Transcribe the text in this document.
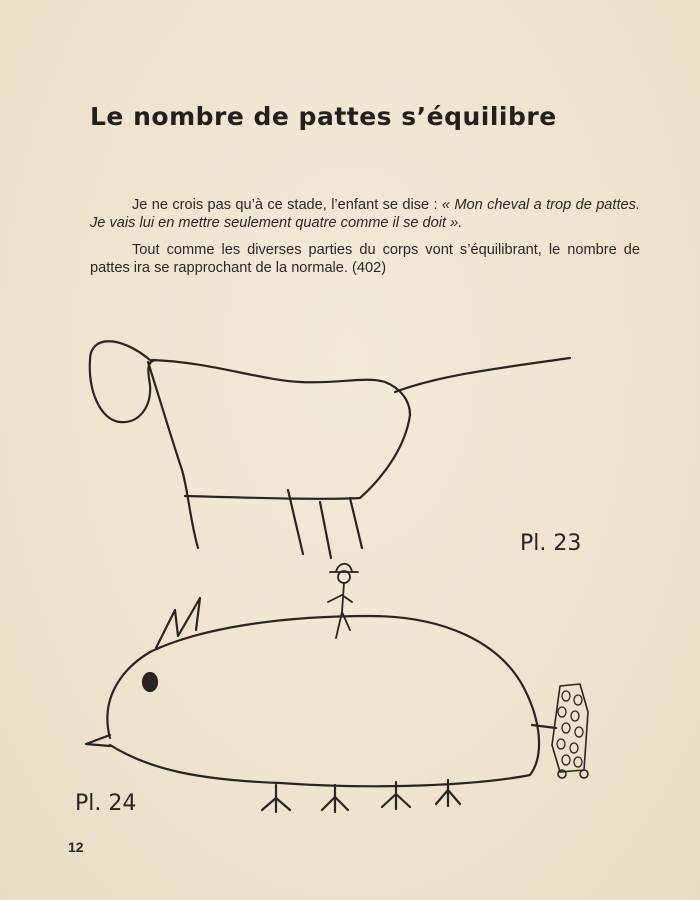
Le nombre de pattes s’équilibre

Je ne crois pas qu’à ce stade, l’enfant se dise : « Mon cheval a trop de pattes. Je vais lui en mettre seulement quatre comme il se doit ».

Tout comme les diverses parties du corps vont s’équilibrant, le nombre de pattes ira se rapprochant de la normale. (402)

Pl. 23
Pl. 24
12
